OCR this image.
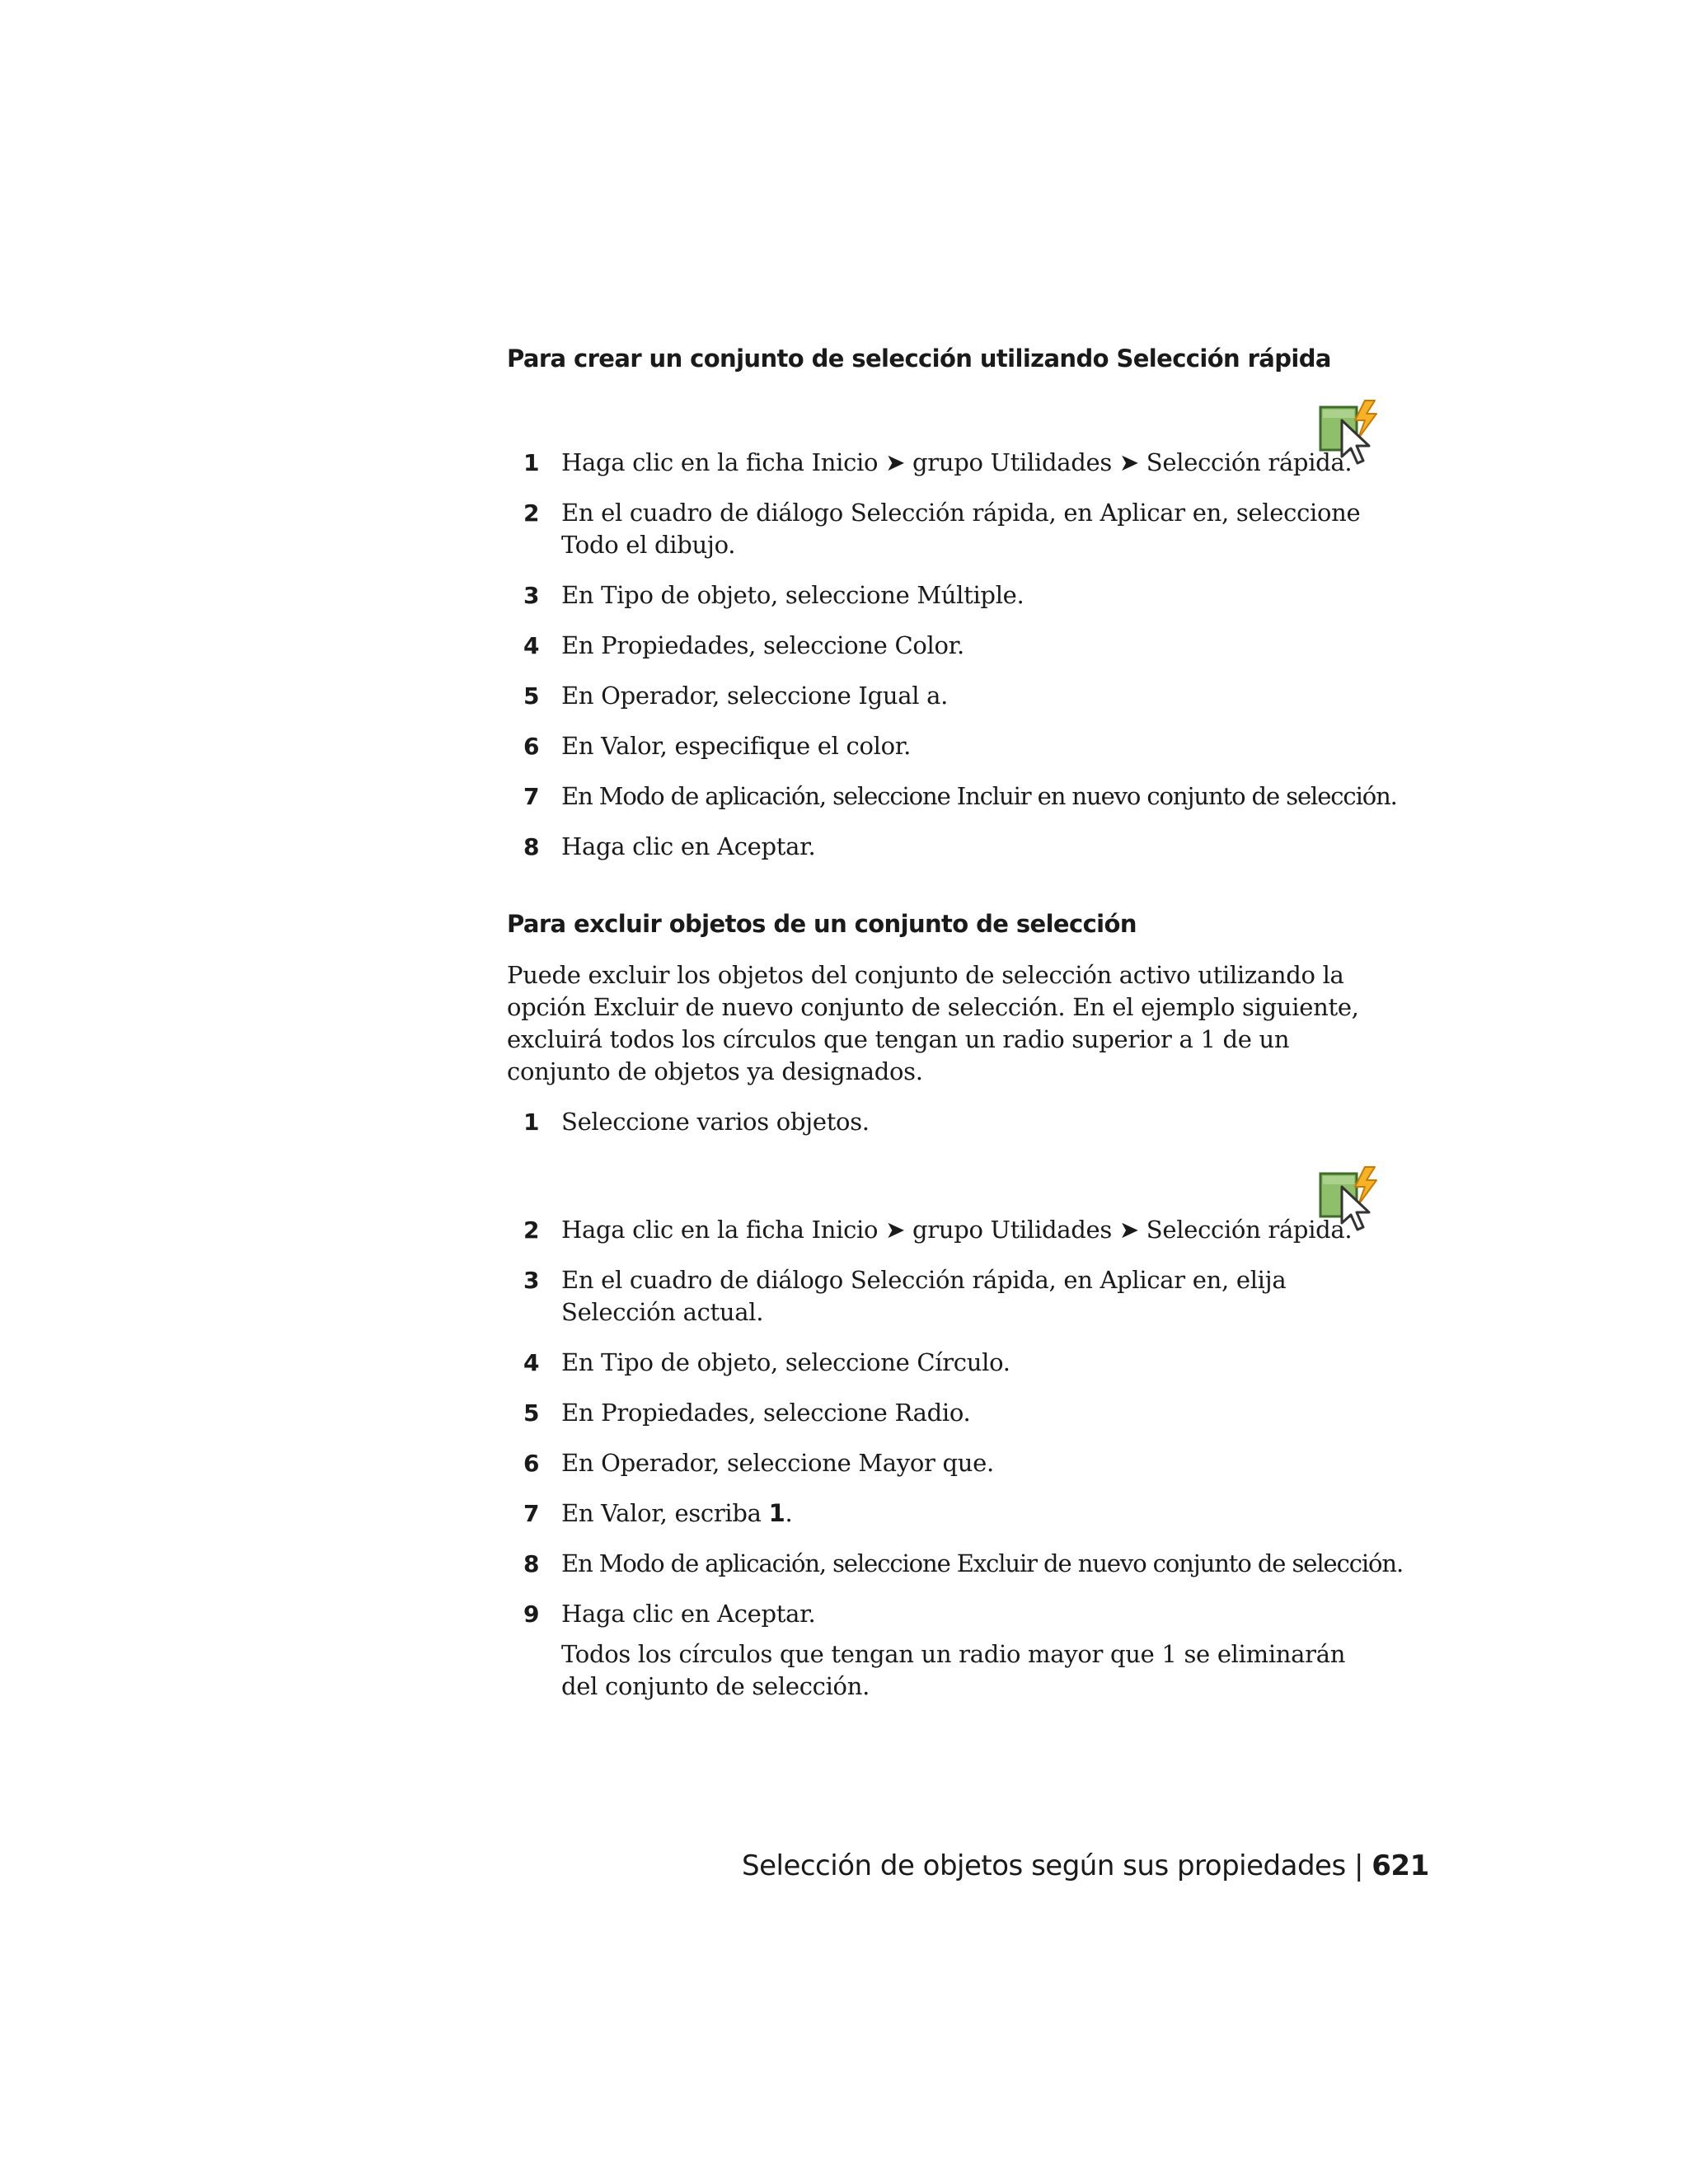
Para crear un conjunto de selección utilizando Selección rápida
1 Haga clic en la ficha Inicio ➤ grupo Utilidades ➤ Selección rápida.
2 En el cuadro de diálogo Selección rápida, en Aplicar en, seleccione Todo el dibujo.
3 En Tipo de objeto, seleccione Múltiple.
4 En Propiedades, seleccione Color.
5 En Operador, seleccione Igual a.
6 En Valor, especifique el color.
7 En Modo de aplicación, seleccione Incluir en nuevo conjunto de selección.
8 Haga clic en Aceptar.
Para excluir objetos de un conjunto de selección

Puede excluir los objetos del conjunto de selección activo utilizando la opción Excluir de nuevo conjunto de selección. En el ejemplo siguiente, excluirá todos los círculos que tengan un radio superior a 1 de un conjunto de objetos ya designados.

1 Seleccione varios objetos.
2 Haga clic en la ficha Inicio ➤ grupo Utilidades ➤ Selección rápida.
3 En el cuadro de diálogo Selección rápida, en Aplicar en, elija Selección actual.
4 En Tipo de objeto, seleccione Círculo.
5 En Propiedades, seleccione Radio.
6 En Operador, seleccione Mayor que.
7 En Valor, escriba 1.
8 En Modo de aplicación, seleccione Excluir de nuevo conjunto de selección.
9 Haga clic en Aceptar.
Todos los círculos que tengan un radio mayor que 1 se eliminarán del conjunto de selección.
Selección de objetos según sus propiedades | 621
